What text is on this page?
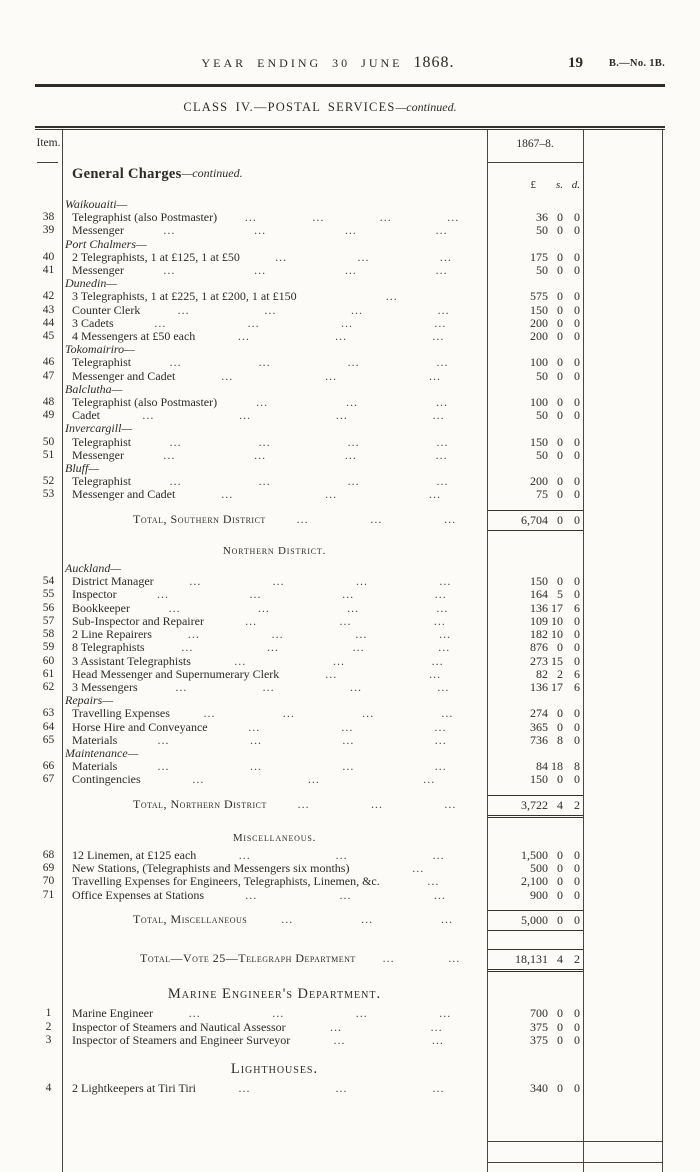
YEAR ENDING 30 JUNE 1868.	19 B.—No. 1B.
CLASS IV.—POSTAL SERVICES—continued.
Item.	1867–8.
General Charges —continued.
£	s. d.
Waikouaiti—
38	Telegraphist (also Postmaster)	...	...	...	...	36 0 0
39	Messenger	...	...	...	...	50 0 0
Port Chalmers—
40	2 Telegraphists, 1 at £125, 1 at £50	...	...	...	175 0 0
41	Messenger	...	...	...	...	50 0 0
Dunedin—
42	3 Telegraphists, 1 at £225, 1 at £200, 1 at £150	...	575 0 0
43	Counter Clerk	...	...	...	...	150 0 0
44	3 Cadets	...	...	...	...	200 0 0
45	4 Messengers at £50 each	...	...	...	200 0 0
Tokomairiro—
46	Telegraphist	...	...	...	...	100 0 0
47	Messenger and Cadet	...	...	...	50 0 0
Balclutha—
48	Telegraphist (also Postmaster)	...	...	...	100 0 0
49	Cadet	...	...	...	...	50 0 0
Invercargill—
50	Telegraphist	...	...	...	...	150 0 0
51	Messenger	...	...	...	...	50 0 0
Bluff—
52	Telegraphist	...	...	...	...	200 0 0
53	Messenger and Cadet	...	...	...	75 0 0
Total, Southern District	...	...	...	6,704 0 0
Northern District.
Auckland—
54	District Manager	...	...	...	...	150 0 0
55	Inspector	...	...	...	...	164 5 0
56	Bookkeeper	...	...	...	...	136 17 6
57	Sub-Inspector and Repairer	...	...	...	109 10 0
58	2 Line Repairers	...	...	...	...	182 10 0
59	8 Telegraphists	...	...	...	...	876 0 0
60	3 Assistant Telegraphists	...	...	...	273 15 0
61	Head Messenger and Supernumerary Clerk	...	...	82 2 6
62	3 Messengers	...	...	...	...	136 17 6
Repairs—
63	Travelling Expenses	...	...	...	...	274 0 0
64	Horse Hire and Conveyance	...	...	...	365 0 0
65	Materials	...	...	...	...	736 8 0
Maintenance—
66	Materials	...	...	...	...	84 18 8
67	Contingencies	...	...	...	150 0 0
Total, Northern District	...	...	...	3,722 4 2
Miscellaneous.
68	12 Linemen, at £125 each	...	...	...	1,500 0 0
69	New Stations, (Telegraphists and Messengers six months)	...	500 0 0
70	Travelling Expenses for Engineers, Telegraphists, Linemen, &c.	...	2,100 0 0
71	Office Expenses at Stations	...	...	...	900 0 0
Total, Miscellaneous	...	...	...	5,000 0 0
Total—Vote 25—Telegraph Department	...	...	18,131 4 2
Marine Engineer's Department.
1	Marine Engineer	...	...	...	...	700 0 0
2	Inspector of Steamers and Nautical Assessor	...	...	375 0 0
3	Inspector of Steamers and Engineer Surveyor	...	...	375 0 0
Lighthouses.
4	2 Lightkeepers at Tiri Tiri	...	...	...	340 0 0
